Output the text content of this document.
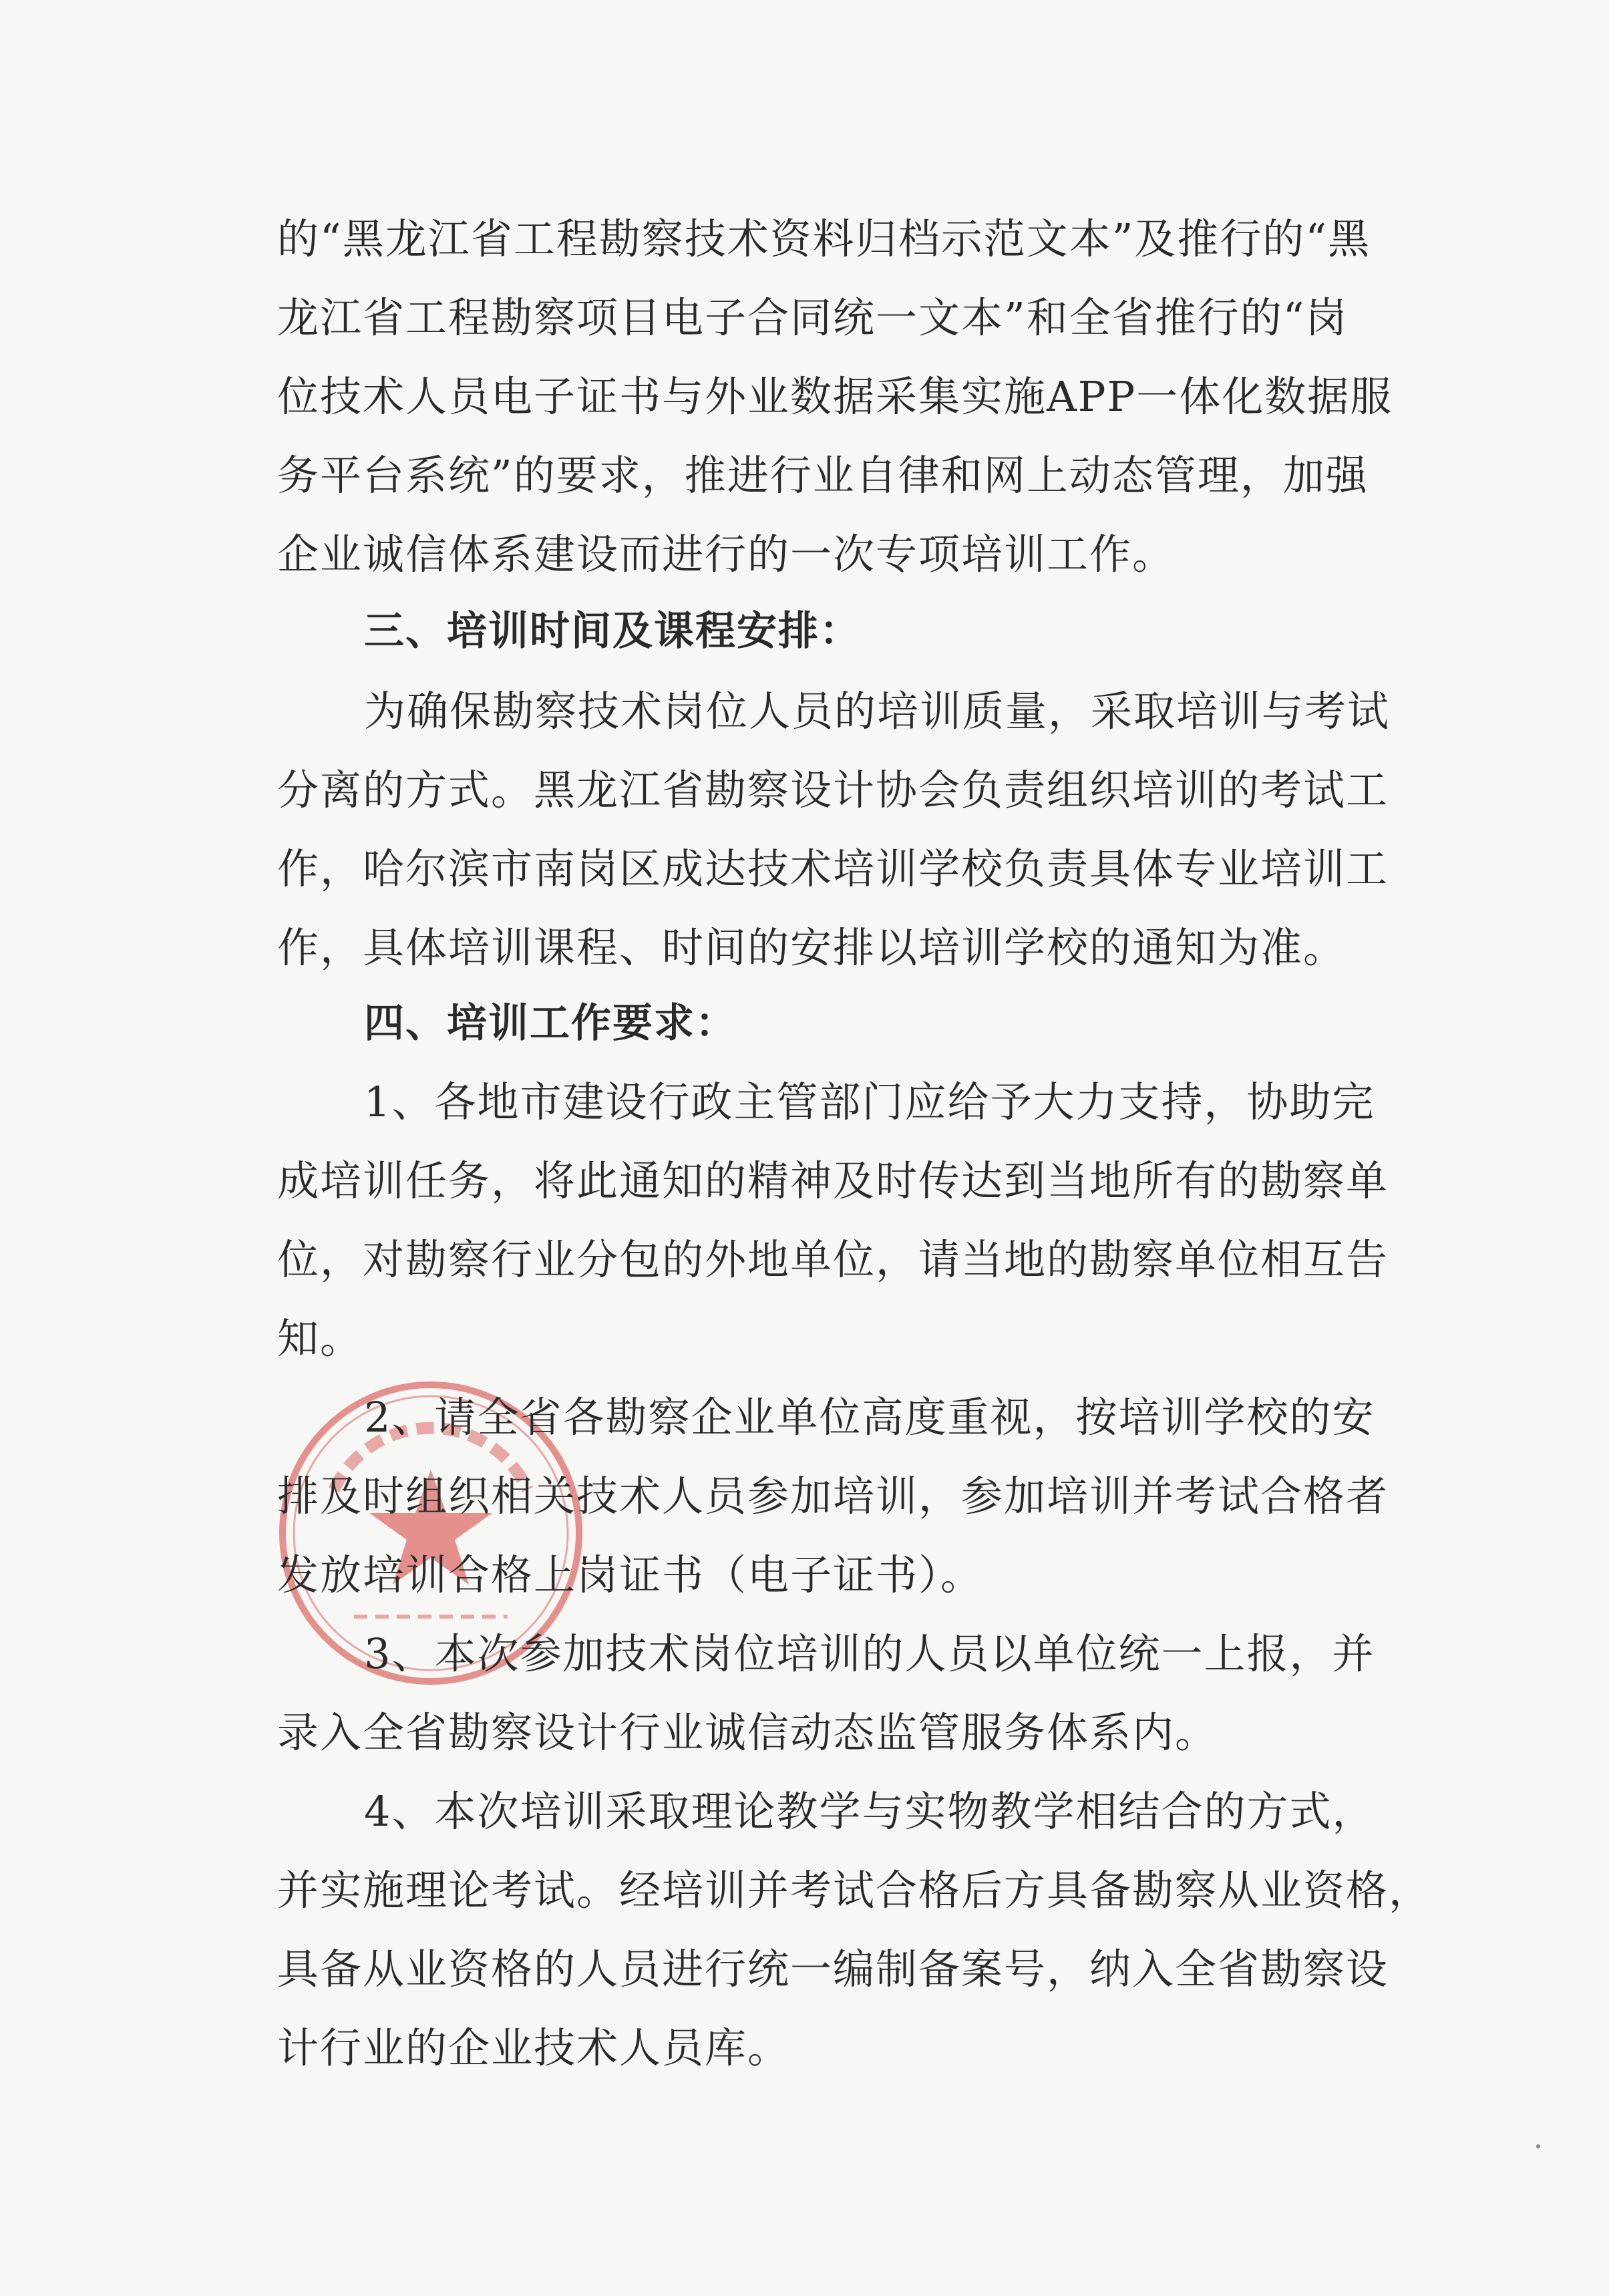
的“黑龙江省工程勘察技术资料归档示范文本”及推行的“黑
龙江省工程勘察项目电子合同统一文本”和全省推行的“岗
位技术人员电子证书与外业数据采集实施APP一体化数据服
务平台系统”的要求，推进行业自律和网上动态管理，加强
企业诚信体系建设而进行的一次专项培训工作。
三、培训时间及课程安排：
为确保勘察技术岗位人员的培训质量，采取培训与考试
分离的方式。黑龙江省勘察设计协会负责组织培训的考试工
作，哈尔滨市南岗区成达技术培训学校负责具体专业培训工
作，具体培训课程、时间的安排以培训学校的通知为准。
四、培训工作要求：
1、各地市建设行政主管部门应给予大力支持，协助完
成培训任务，将此通知的精神及时传达到当地所有的勘察单
位，对勘察行业分包的外地单位，请当地的勘察单位相互告
知。
2、请全省各勘察企业单位高度重视，按培训学校的安
排及时组织相关技术人员参加培训，参加培训并考试合格者
发放培训合格上岗证书（电子证书）。
3、本次参加技术岗位培训的人员以单位统一上报，并
录入全省勘察设计行业诚信动态监管服务体系内。
4、本次培训采取理论教学与实物教学相结合的方式，
并实施理论考试。经培训并考试合格后方具备勘察从业资格，
具备从业资格的人员进行统一编制备案号，纳入全省勘察设
计行业的企业技术人员库。
